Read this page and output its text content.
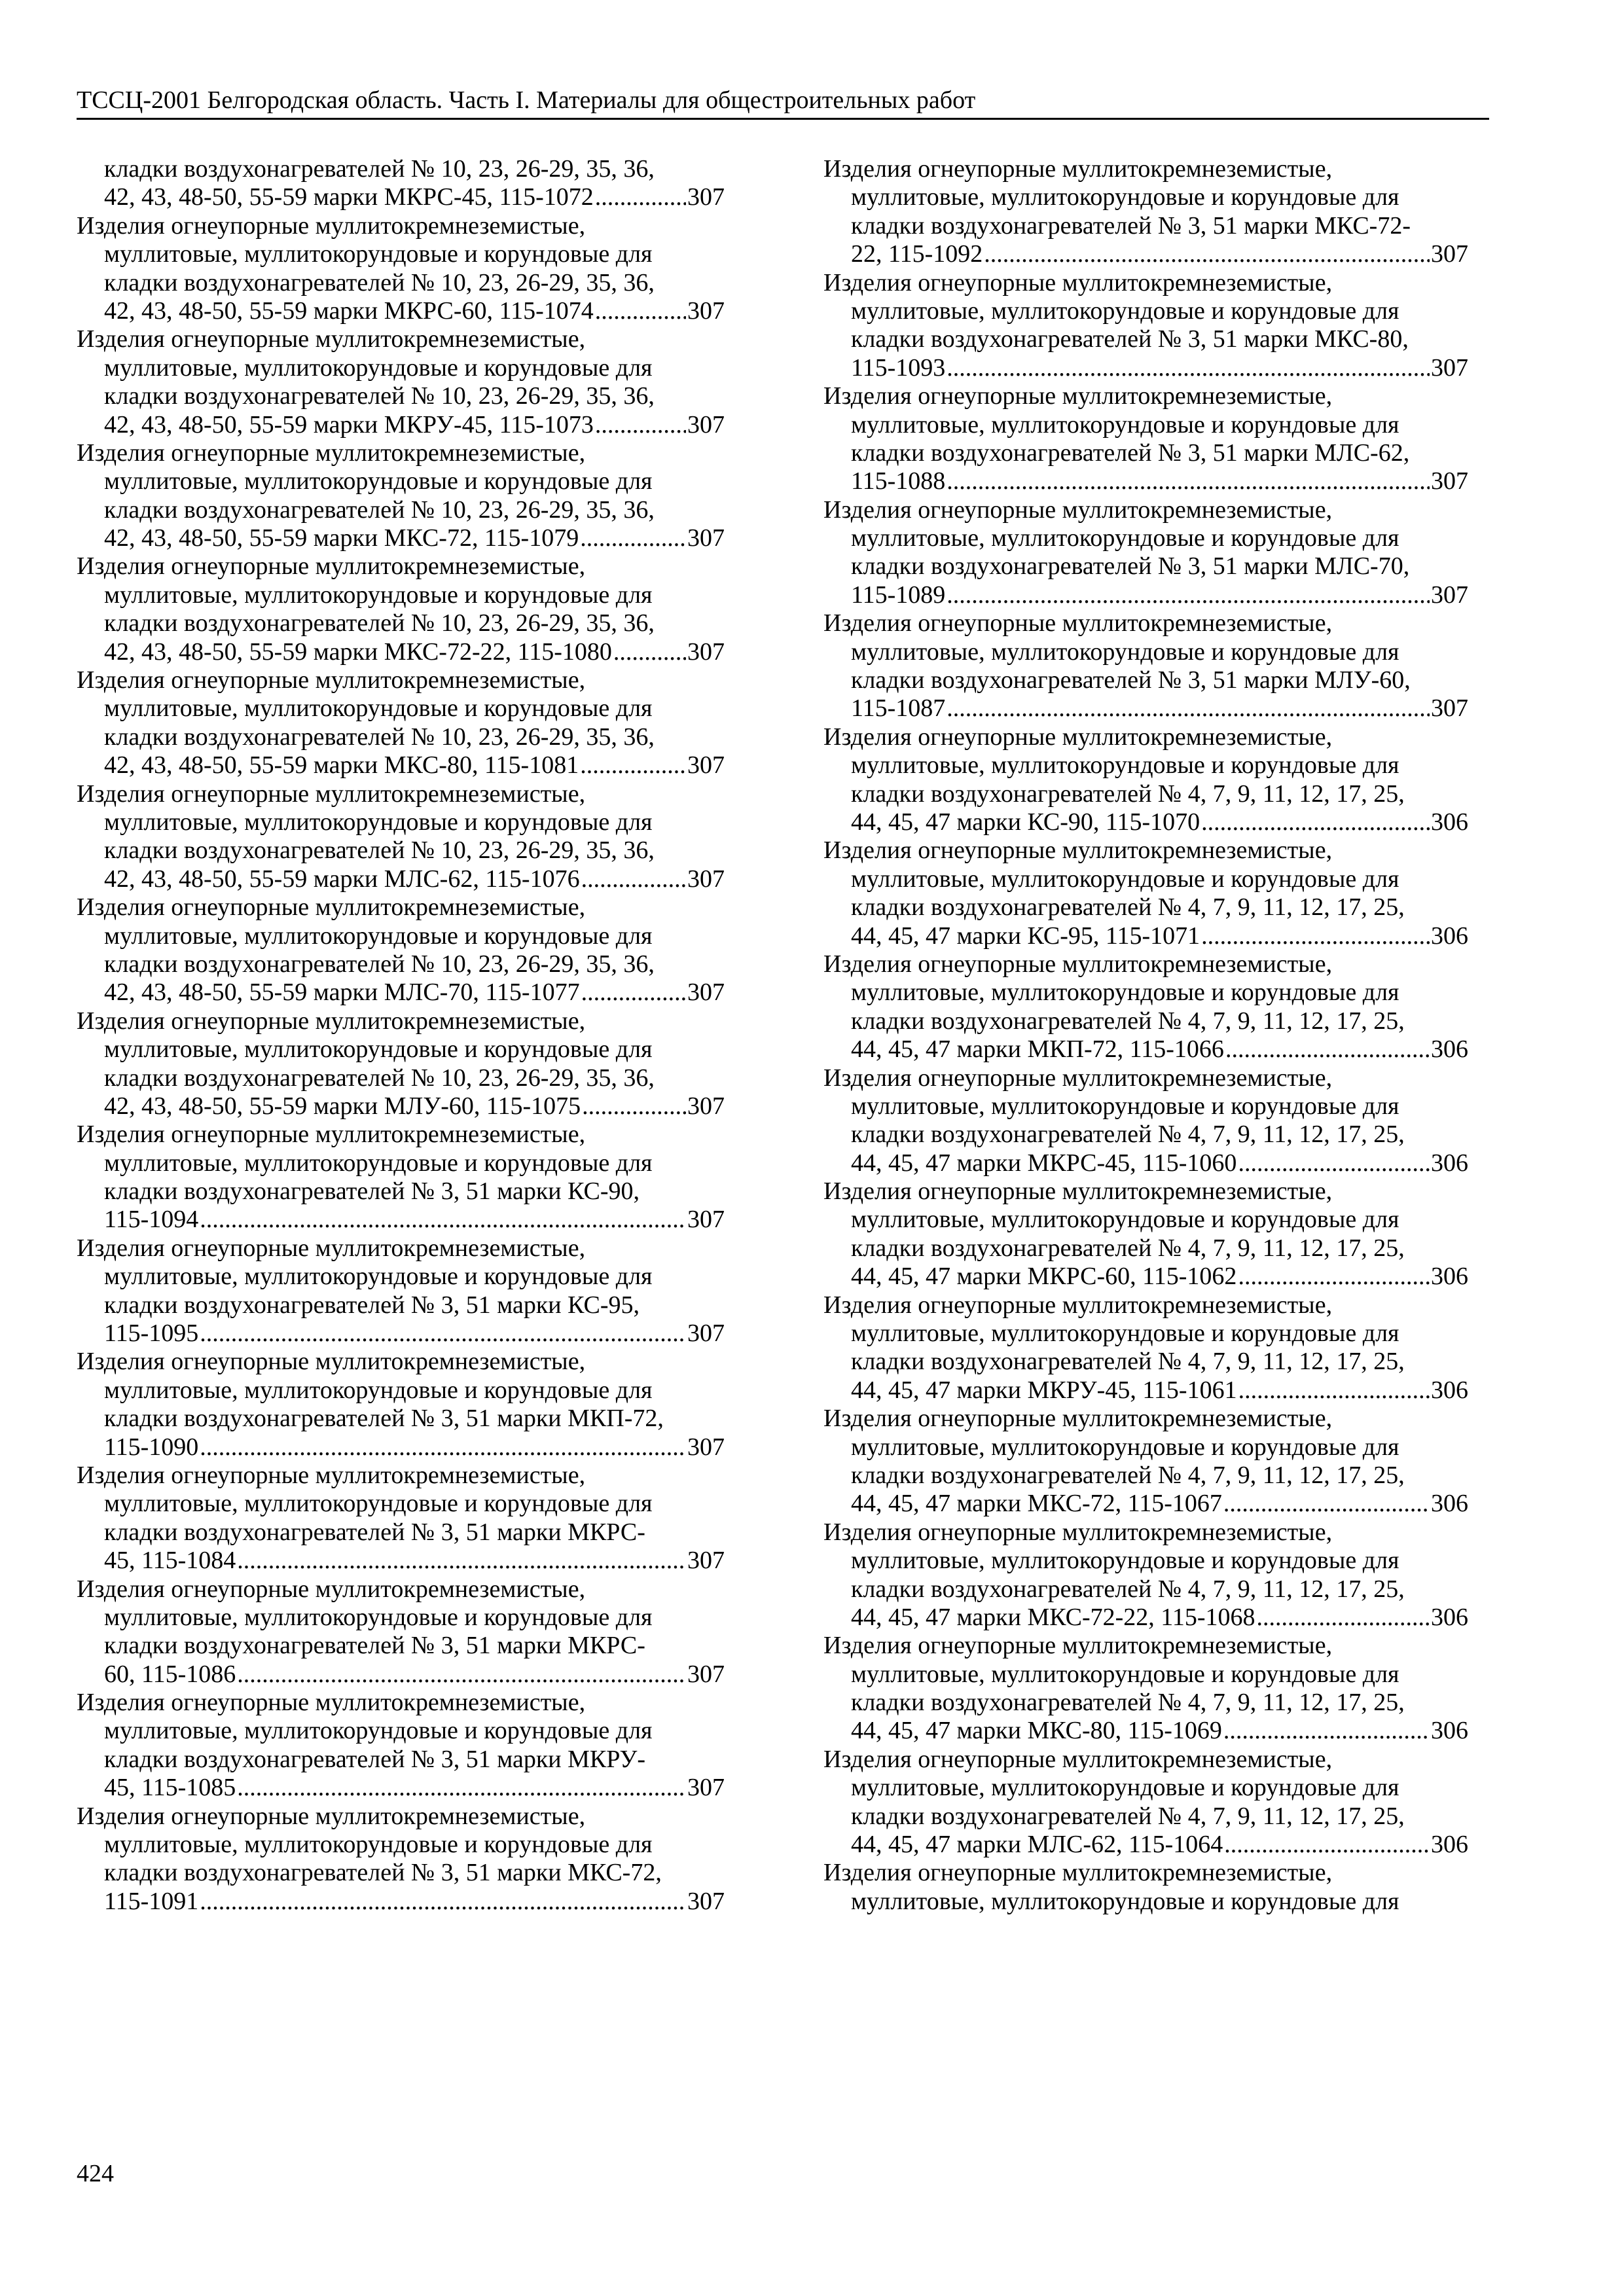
ТССЦ-2001 Белгородская область. Часть I. Материалы для общестроительных работ
кладки воздухонагревателей № 10, 23, 26-29, 35, 36,
42, 43, 48-50, 55-59 марки МКРС-45, 115-1072 .....	307
Изделия огнеупорные муллитокремнеземистые,
муллитовые, муллитокорундовые и корундовые для
кладки воздухонагревателей № 10, 23, 26-29, 35, 36,
42, 43, 48-50, 55-59 марки МКРС-60, 115-1074 .....	307
Изделия огнеупорные муллитокремнеземистые,
муллитовые, муллитокорундовые и корундовые для
кладки воздухонагревателей № 10, 23, 26-29, 35, 36,
42, 43, 48-50, 55-59 марки МКРУ-45, 115-1073 .....	307
Изделия огнеупорные муллитокремнеземистые,
муллитовые, муллитокорундовые и корундовые для
кладки воздухонагревателей № 10, 23, 26-29, 35, 36,
42, 43, 48-50, 55-59 марки МКС-72, 115-1079 .....	307
Изделия огнеупорные муллитокремнеземистые,
муллитовые, муллитокорундовые и корундовые для
кладки воздухонагревателей № 10, 23, 26-29, 35, 36,
42, 43, 48-50, 55-59 марки МКС-72-22, 115-1080 .....	307
Изделия огнеупорные муллитокремнеземистые,
муллитовые, муллитокорундовые и корундовые для
кладки воздухонагревателей № 10, 23, 26-29, 35, 36,
42, 43, 48-50, 55-59 марки МКС-80, 115-1081 .....	307
Изделия огнеупорные муллитокремнеземистые,
муллитовые, муллитокорундовые и корундовые для
кладки воздухонагревателей № 10, 23, 26-29, 35, 36,
42, 43, 48-50, 55-59 марки МЛС-62, 115-1076 .....	307
Изделия огнеупорные муллитокремнеземистые,
муллитовые, муллитокорундовые и корундовые для
кладки воздухонагревателей № 10, 23, 26-29, 35, 36,
42, 43, 48-50, 55-59 марки МЛС-70, 115-1077 .....	307
Изделия огнеупорные муллитокремнеземистые,
муллитовые, муллитокорундовые и корундовые для
кладки воздухонагревателей № 10, 23, 26-29, 35, 36,
42, 43, 48-50, 55-59 марки МЛУ-60, 115-1075 .....	307
Изделия огнеупорные муллитокремнеземистые,
муллитовые, муллитокорундовые и корундовые для
кладки воздухонагревателей № 3, 51 марки КС-90,
115-1094 .....	307
Изделия огнеупорные муллитокремнеземистые,
муллитовые, муллитокорундовые и корундовые для
кладки воздухонагревателей № 3, 51 марки КС-95,
115-1095 .....	307
Изделия огнеупорные муллитокремнеземистые,
муллитовые, муллитокорундовые и корундовые для
кладки воздухонагревателей № 3, 51 марки МКП-72,
115-1090 .....	307
Изделия огнеупорные муллитокремнеземистые,
муллитовые, муллитокорундовые и корундовые для
кладки воздухонагревателей № 3, 51 марки МКРС-
45, 115-1084 .....	307
Изделия огнеупорные муллитокремнеземистые,
муллитовые, муллитокорундовые и корундовые для
кладки воздухонагревателей № 3, 51 марки МКРС-
60, 115-1086 .....	307
Изделия огнеупорные муллитокремнеземистые,
муллитовые, муллитокорундовые и корундовые для
кладки воздухонагревателей № 3, 51 марки МКРУ-
45, 115-1085 .....	307
Изделия огнеупорные муллитокремнеземистые,
муллитовые, муллитокорундовые и корундовые для
кладки воздухонагревателей № 3, 51 марки МКС-72,
115-1091 .....	307
Изделия огнеупорные муллитокремнеземистые,
муллитовые, муллитокорундовые и корундовые для
кладки воздухонагревателей № 3, 51 марки МКС-72-
22, 115-1092 .....	307
Изделия огнеупорные муллитокремнеземистые,
муллитовые, муллитокорундовые и корундовые для
кладки воздухонагревателей № 3, 51 марки МКС-80,
115-1093 .....	307
Изделия огнеупорные муллитокремнеземистые,
муллитовые, муллитокорундовые и корундовые для
кладки воздухонагревателей № 3, 51 марки МЛС-62,
115-1088 .....	307
Изделия огнеупорные муллитокремнеземистые,
муллитовые, муллитокорундовые и корундовые для
кладки воздухонагревателей № 3, 51 марки МЛС-70,
115-1089 .....	307
Изделия огнеупорные муллитокремнеземистые,
муллитовые, муллитокорундовые и корундовые для
кладки воздухонагревателей № 3, 51 марки МЛУ-60,
115-1087 .....	307
Изделия огнеупорные муллитокремнеземистые,
муллитовые, муллитокорундовые и корундовые для
кладки воздухонагревателей № 4, 7, 9, 11, 12, 17, 25,
44, 45, 47 марки КС-90, 115-1070 .....	306
Изделия огнеупорные муллитокремнеземистые,
муллитовые, муллитокорундовые и корундовые для
кладки воздухонагревателей № 4, 7, 9, 11, 12, 17, 25,
44, 45, 47 марки КС-95, 115-1071 .....	306
Изделия огнеупорные муллитокремнеземистые,
муллитовые, муллитокорундовые и корундовые для
кладки воздухонагревателей № 4, 7, 9, 11, 12, 17, 25,
44, 45, 47 марки МКП-72, 115-1066 .....	306
Изделия огнеупорные муллитокремнеземистые,
муллитовые, муллитокорундовые и корундовые для
кладки воздухонагревателей № 4, 7, 9, 11, 12, 17, 25,
44, 45, 47 марки МКРС-45, 115-1060 .....	306
Изделия огнеупорные муллитокремнеземистые,
муллитовые, муллитокорундовые и корундовые для
кладки воздухонагревателей № 4, 7, 9, 11, 12, 17, 25,
44, 45, 47 марки МКРС-60, 115-1062 .....	306
Изделия огнеупорные муллитокремнеземистые,
муллитовые, муллитокорундовые и корундовые для
кладки воздухонагревателей № 4, 7, 9, 11, 12, 17, 25,
44, 45, 47 марки МКРУ-45, 115-1061 .....	306
Изделия огнеупорные муллитокремнеземистые,
муллитовые, муллитокорундовые и корундовые для
кладки воздухонагревателей № 4, 7, 9, 11, 12, 17, 25,
44, 45, 47 марки МКС-72, 115-1067 .....	306
Изделия огнеупорные муллитокремнеземистые,
муллитовые, муллитокорундовые и корундовые для
кладки воздухонагревателей № 4, 7, 9, 11, 12, 17, 25,
44, 45, 47 марки МКС-72-22, 115-1068 .....	306
Изделия огнеупорные муллитокремнеземистые,
муллитовые, муллитокорундовые и корундовые для
кладки воздухонагревателей № 4, 7, 9, 11, 12, 17, 25,
44, 45, 47 марки МКС-80, 115-1069 .....	306
Изделия огнеупорные муллитокремнеземистые,
муллитовые, муллитокорундовые и корундовые для
кладки воздухонагревателей № 4, 7, 9, 11, 12, 17, 25,
44, 45, 47 марки МЛС-62, 115-1064 .....	306
Изделия огнеупорные муллитокремнеземистые,
муллитовые, муллитокорундовые и корундовые для
424
